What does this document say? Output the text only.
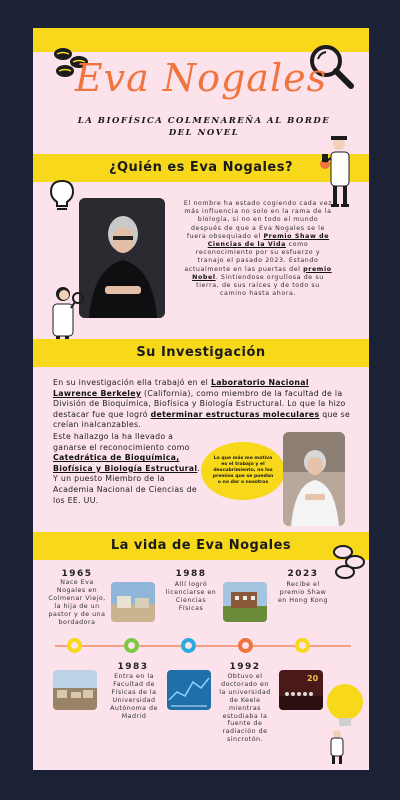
Eva Nogales
LA BIOFÍSICA COLMENAREÑA AL BORDE DEL NOVEL
¿Quién es Eva Nogales?
El nombre ha estado cogiendo cada vez más influencia no solo en la rama de la biología, si no en todo el mundo después de que a Eva Nogales se le fuera obsequiado el Premio Shaw de Ciencias de la Vida como reconocimiento por su esfuerzo y tranajo el pasado 2023. Estando actualmente en las puertas del premio Nobel. Sintiendose orgullosa de su tierra, de sus raíces y de todo su camino hasta ahora.
Su Investigación
En su investigación ella trabajó en el Laboratorio Nacional Lawrence Berkeley (California), como miembro de la facultad de la División de Bioquímica, Biofísica y Biología Estructural. Lo que la hizo destacar fue que logró determinar estructuras moleculares que se creían inalcanzables.
Este hallazgo la ha llevado a ganarse el reconocimiento como Catedrática de Bioquímica, Biofísica y Biología Estructural. Y un puesto Miembro de la Academia Nacional de Ciencias de los EE. UU.
Lo que más me motiva es el trabajo y el descubrimiento, no los premios que se puedan o no dar a nosotros
La vida de Eva Nogales
1965
Nace Eva Nogales en Colmenar Viejo, la hija de un pastor y de una bordadora
1988
Allí logró licenciarse en Ciencias Físicas
2023
Recibe el premio Shaw en Hong Kong
1983
Entra en la Facultad de Físicas de la Universidad Autónoma de Madrid
1992
Obtuvo el doctorado en la universidad de Keele mientras estudiaba la fuente de radiación de sincrotón.
20
